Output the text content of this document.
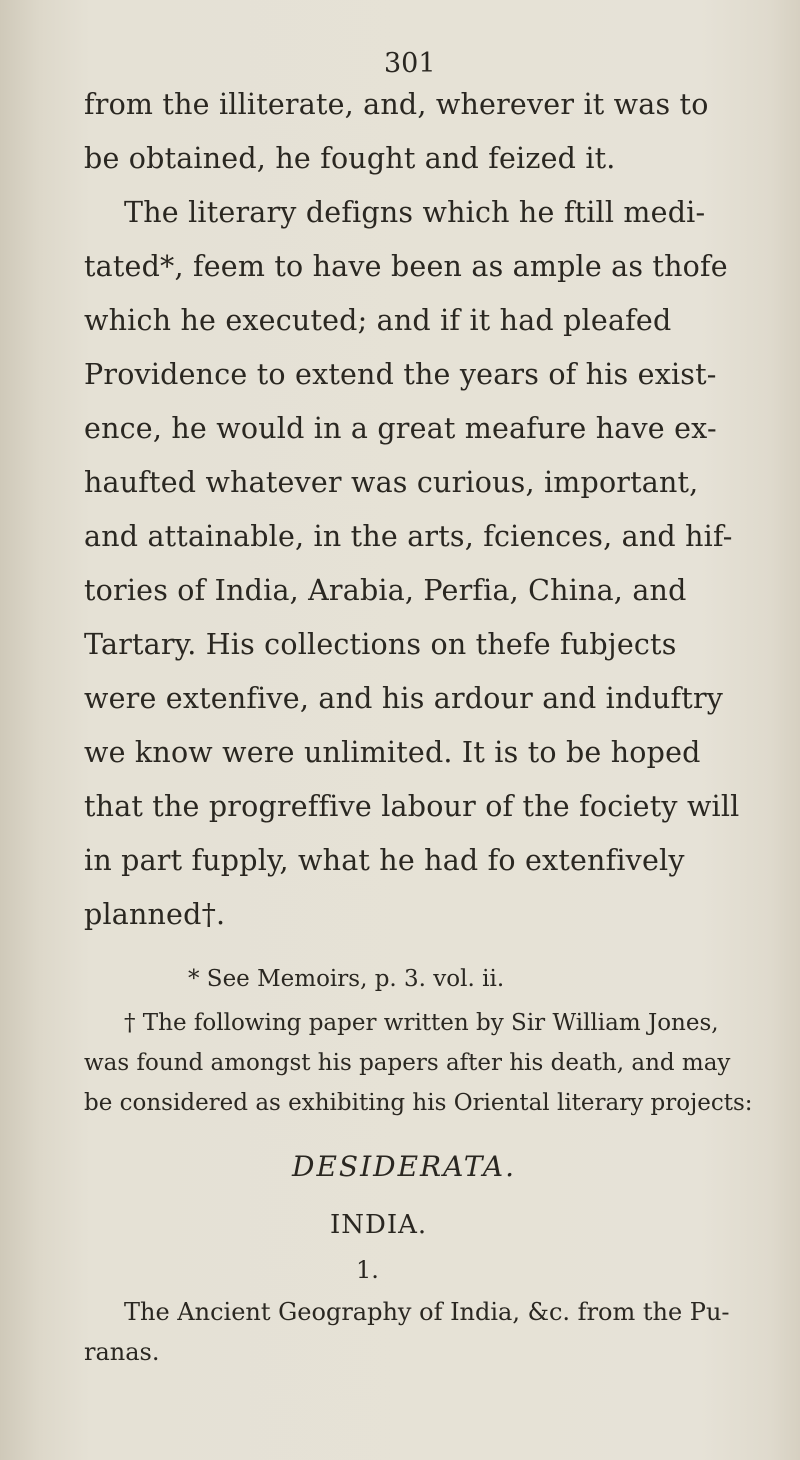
301
from the illiterate, and, wherever it was to
be obtained, he fought and feized it.
The literary defigns which he ftill medi-
tated*, feem to have been as ample as thofe
which he executed; and if it had pleafed
Providence to extend the years of his exist-
ence, he would in a great meafure have ex-
haufted whatever was curious, important,
and attainable, in the arts, fciences, and hif-
tories of India, Arabia, Perfia, China, and
Tartary. His collections on thefe fubjects
were extenfive, and his ardour and induftry
we know were unlimited. It is to be hoped
that the progreffive labour of the fociety will
in part fupply, what he had fo extenfively
planned†.
* See Memoirs, p. 3. vol. ii.
† The following paper written by Sir William Jones,
was found amongst his papers after his death, and may
be considered as exhibiting his Oriental literary projects:
DESIDERATA.
INDIA.
1.
The Ancient Geography of India, &c. from the Pu-
ranas.
